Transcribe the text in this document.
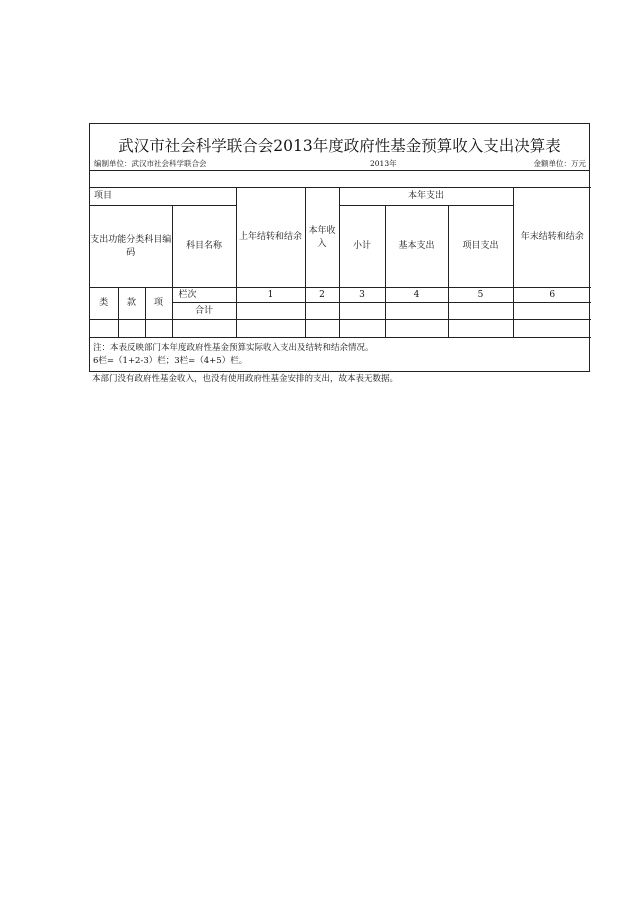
武汉市社会科学联合会2013年度政府性基金预算收入支出决算表
编制单位：武汉市社会科学联合会	2013年	金额单位：万元
项目				上年结转和结余	本年收入	本年支出			年末结转和结余
支出功能分类科目编码			科目名称			小计	基本支出	项目支出	
类	款	项	栏次	1	2	3	4	5	6
			合计						

注：本表反映部门本年度政府性基金预算实际收入支出及结转和结余情况。
6栏=（1+2-3）栏；3栏=（4+5）栏。
本部门没有政府性基金收入，也没有使用政府性基金安排的支出，故本表无数据。
